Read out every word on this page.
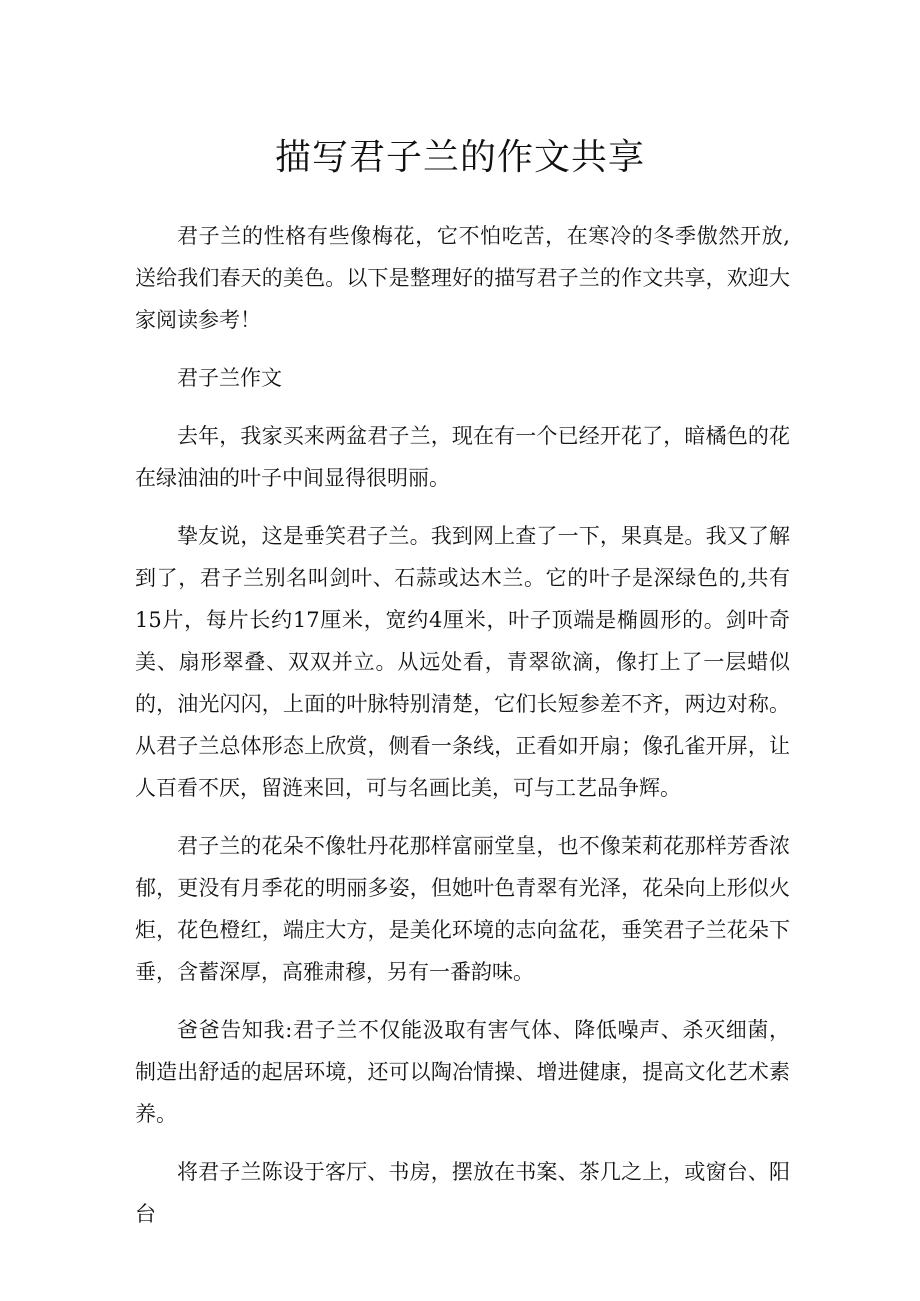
描写君子兰的作文共享

君子兰的性格有些像梅花，它不怕吃苦，在寒冷的冬季傲然开放,送给我们春天的美色。以下是整理好的描写君子兰的作文共享，欢迎大家阅读参考！

君子兰作文

去年，我家买来两盆君子兰，现在有一个已经开花了，暗橘色的花在绿油油的叶子中间显得很明丽。

挚友说，这是垂笑君子兰。我到网上查了一下，果真是。我又了解到了，君子兰别名叫剑叶、石蒜或达木兰。它的叶子是深绿色的,共有15片，每片长约17厘米，宽约4厘米，叶子顶端是椭圆形的。剑叶奇美、扇形翠叠、双双并立。从远处看，青翠欲滴，像打上了一层蜡似的，油光闪闪，上面的叶脉特别清楚，它们长短参差不齐，两边对称。从君子兰总体形态上欣赏，侧看一条线，正看如开扇；像孔雀开屏，让人百看不厌，留涟来回，可与名画比美，可与工艺品争辉。

君子兰的花朵不像牡丹花那样富丽堂皇，也不像茉莉花那样芳香浓郁，更没有月季花的明丽多姿，但她叶色青翠有光泽，花朵向上形似火炬，花色橙红，端庄大方，是美化环境的志向盆花，垂笑君子兰花朵下垂，含蓄深厚，高雅肃穆，另有一番韵味。

爸爸告知我:君子兰不仅能汲取有害气体、降低噪声、杀灭细菌，制造出舒适的起居环境，还可以陶冶情操、增进健康，提高文化艺术素养。

将君子兰陈设于客厅、书房，摆放在书案、茶几之上，或窗台、阳台
